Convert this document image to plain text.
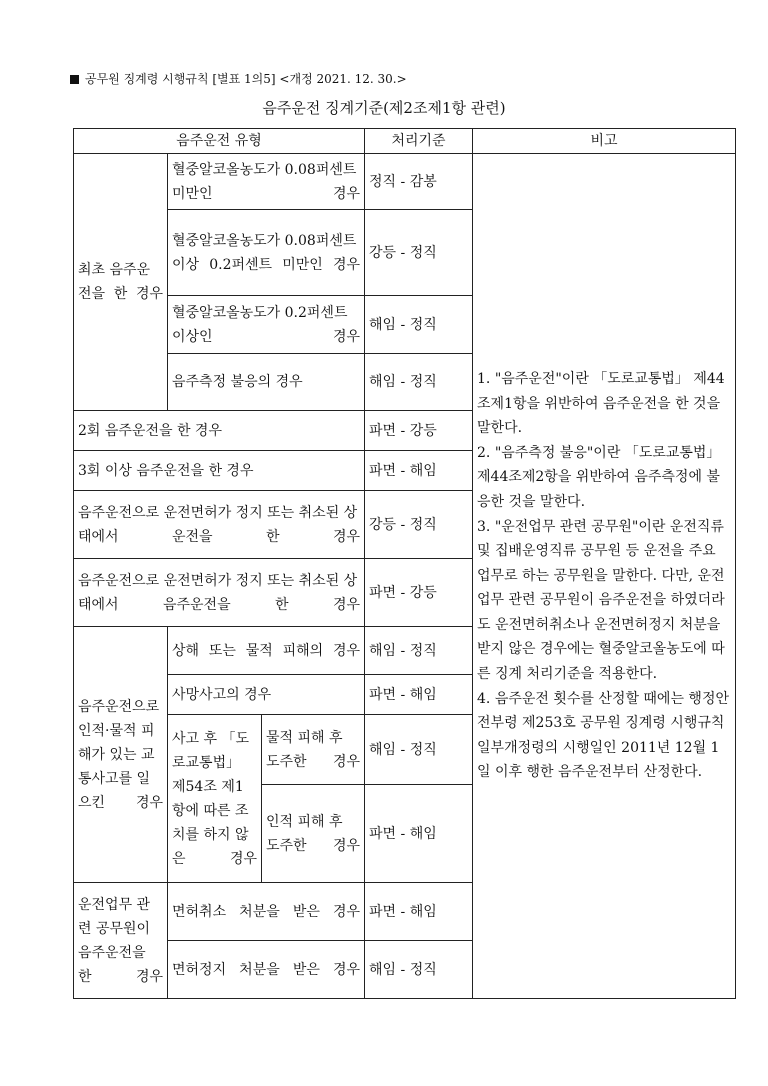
공무원 징계령 시행규칙 [별표 1의5] <개정 2021. 12. 30.>
음주운전 징계기준(제2조제1항 관련)
음주운전 유형			처리기준	비고
최초 음주운전을 한 경우	혈중알코올농도가 0.08퍼센트 미만인 경우		정직 - 감봉	1. "음주운전"이란 「도로교통법」 제44조제1항을 위반하여 음주운전을 한 것을 말한다.

2. "음주측정 불응"이란 「도로교통법」 제44조제2항을 위반하여 음주측정에 불응한 것을 말한다.

3. "운전업무 관련 공무원"이란 운전직류 및 집배운영직류 공무원 등 운전을 주요 업무로 하는 공무원을 말한다. 다만, 운전업무 관련 공무원이 음주운전을 하였더라도 운전면허취소나 운전면허정지 처분을 받지 않은 경우에는 혈중알코올농도에 따른 징계 처리기준을 적용한다.

4. 음주운전 횟수를 산정할 때에는 행정안전부령 제253호 공무원 징계령 시행규칙 일부개정령의 시행일인 2011년 12월 1일 이후 행한 음주운전부터 산정한다.

	혈중알코올농도가 0.08퍼센트 이상 0.2퍼센트 미만인 경우		강등 - 정직	
	혈중알코올농도가 0.2퍼센트 이상인 경우		해임 - 정직	
	음주측정 불응의 경우		해임 - 정직	
2회 음주운전을 한 경우			파면 - 강등	
3회 이상 음주운전을 한 경우			파면 - 해임	
음주운전으로 운전면허가 정지 또는 취소된 상태에서 운전을 한 경우			강등 - 정직	
음주운전으로 운전면허가 정지 또는 취소된 상태에서 음주운전을 한 경우			파면 - 강등	
음주운전으로 인적·물적 피해가 있는 교통사고를 일으킨 경우	상해 또는 물적 피해의 경우		해임 - 정직	
	사망사고의 경우		파면 - 해임	
	사고 후 「도로교통법」 제54조 제1항에 따른 조치를 하지 않은 경우	물적 피해 후 도주한 경우	해임 - 정직	
		인적 피해 후 도주한 경우	파면 - 해임	
운전업무 관련 공무원이 음주운전을 한 경우	면허취소 처분을 받은 경우		파면 - 해임	
	면허정지 처분을 받은 경우		해임 - 정직	
